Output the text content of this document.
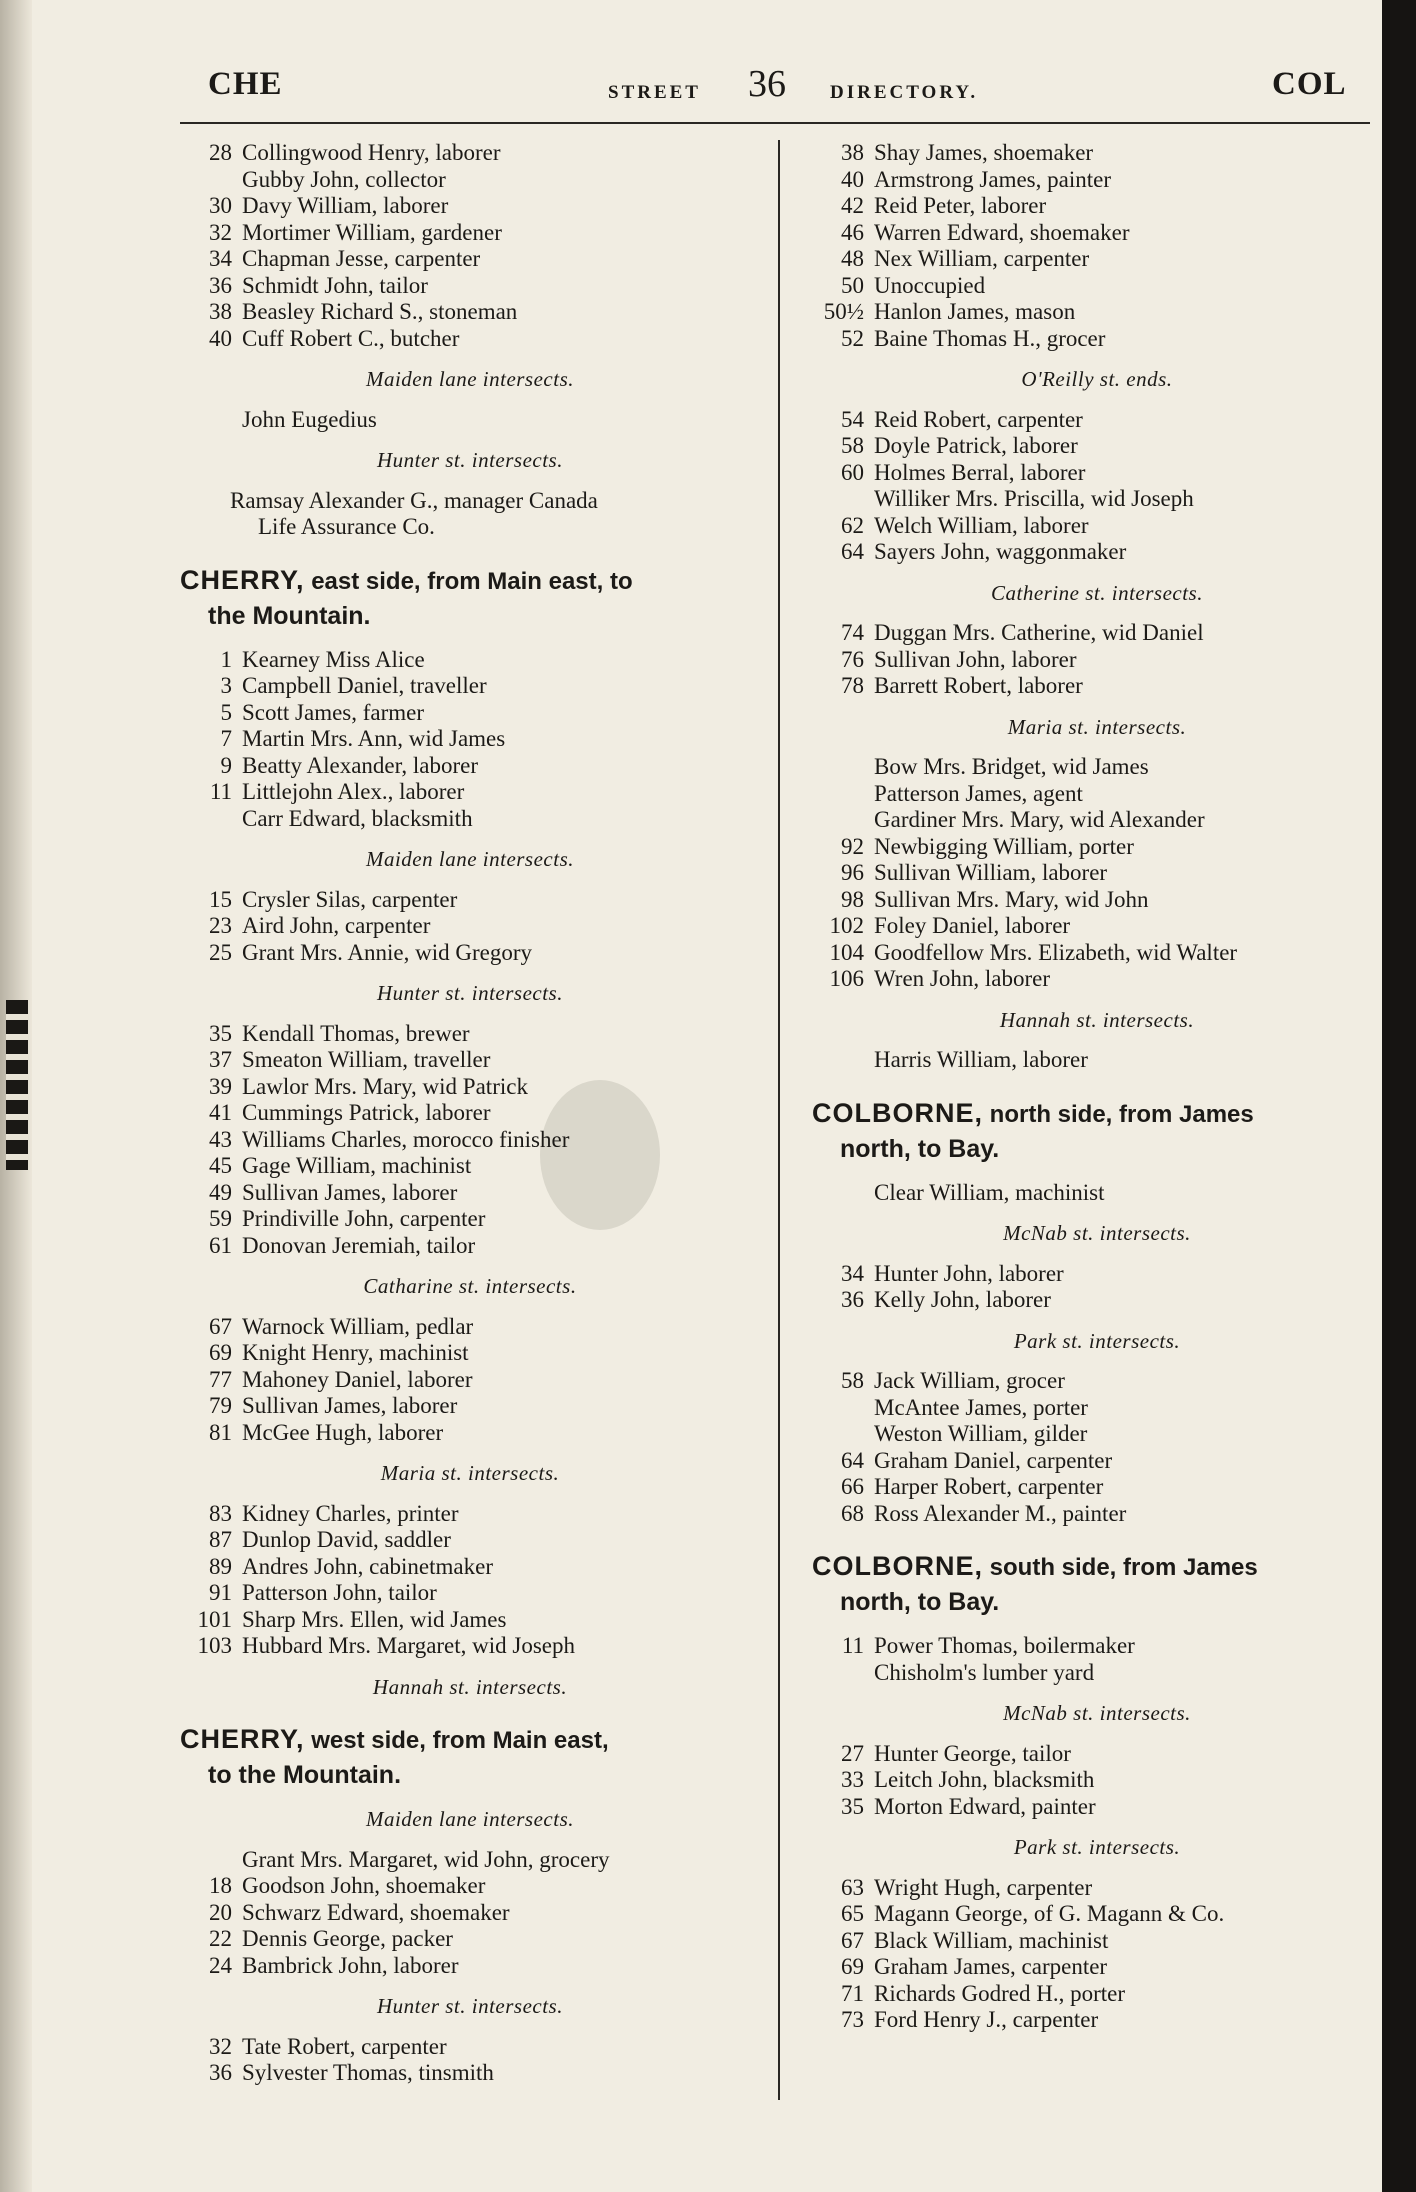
CHE	STREET 36 DIRECTORY.	COL
28 Collingwood Henry, laborer
Gubby John, collector
30 Davy William, laborer
32 Mortimer William, gardener
34 Chapman Jesse, carpenter
36 Schmidt John, tailor
38 Beasley Richard S., stoneman
40 Cuff Robert C., butcher
Maiden lane intersects.
John Eugedius
Hunter st. intersects.
Ramsay Alexander G., manager Canada
Life Assurance Co.
CHERRY, east side, from Main east, to
the Mountain.
1 Kearney Miss Alice
3 Campbell Daniel, traveller
5 Scott James, farmer
7 Martin Mrs. Ann, wid James
9 Beatty Alexander, laborer
11 Littlejohn Alex., laborer
Carr Edward, blacksmith
Maiden lane intersects.
15 Crysler Silas, carpenter
23 Aird John, carpenter
25 Grant Mrs. Annie, wid Gregory
Hunter st. intersects.
35 Kendall Thomas, brewer
37 Smeaton William, traveller
39 Lawlor Mrs. Mary, wid Patrick
41 Cummings Patrick, laborer
43 Williams Charles, morocco finisher
45 Gage William, machinist
49 Sullivan James, laborer
59 Prindiville John, carpenter
61 Donovan Jeremiah, tailor
Catharine st. intersects.
67 Warnock William, pedlar
69 Knight Henry, machinist
77 Mahoney Daniel, laborer
79 Sullivan James, laborer
81 McGee Hugh, laborer
Maria st. intersects.
83 Kidney Charles, printer
87 Dunlop David, saddler
89 Andres John, cabinetmaker
91 Patterson John, tailor
101 Sharp Mrs. Ellen, wid James
103 Hubbard Mrs. Margaret, wid Joseph
Hannah st. intersects.
CHERRY, west side, from Main east,
to the Mountain.
Maiden lane intersects.
Grant Mrs. Margaret, wid John, grocery
18 Goodson John, shoemaker
20 Schwarz Edward, shoemaker
22 Dennis George, packer
24 Bambrick John, laborer
Hunter st. intersects.
32 Tate Robert, carpenter
36 Sylvester Thomas, tinsmith
38 Shay James, shoemaker
40 Armstrong James, painter
42 Reid Peter, laborer
46 Warren Edward, shoemaker
48 Nex William, carpenter
50 Unoccupied
50½ Hanlon James, mason
52 Baine Thomas H., grocer
O'Reilly st. ends.
54 Reid Robert, carpenter
58 Doyle Patrick, laborer
60 Holmes Berral, laborer
Williker Mrs. Priscilla, wid Joseph
62 Welch William, laborer
64 Sayers John, waggonmaker
Catherine st. intersects.
74 Duggan Mrs. Catherine, wid Daniel
76 Sullivan John, laborer
78 Barrett Robert, laborer
Maria st. intersects.
Bow Mrs. Bridget, wid James
Patterson James, agent
Gardiner Mrs. Mary, wid Alexander
92 Newbigging William, porter
96 Sullivan William, laborer
98 Sullivan Mrs. Mary, wid John
102 Foley Daniel, laborer
104 Goodfellow Mrs. Elizabeth, wid Walter
106 Wren John, laborer
Hannah st. intersects.
Harris William, laborer
COLBORNE, north side, from James
north, to Bay.
Clear William, machinist
McNab st. intersects.
34 Hunter John, laborer
36 Kelly John, laborer
Park st. intersects.
58 Jack William, grocer
McAntee James, porter
Weston William, gilder
64 Graham Daniel, carpenter
66 Harper Robert, carpenter
68 Ross Alexander M., painter
COLBORNE, south side, from James
north, to Bay.
11 Power Thomas, boilermaker
Chisholm's lumber yard
McNab st. intersects.
27 Hunter George, tailor
33 Leitch John, blacksmith
35 Morton Edward, painter
Park st. intersects.
63 Wright Hugh, carpenter
65 Magann George, of G. Magann & Co.
67 Black William, machinist
69 Graham James, carpenter
71 Richards Godred H., porter
73 Ford Henry J., carpenter
